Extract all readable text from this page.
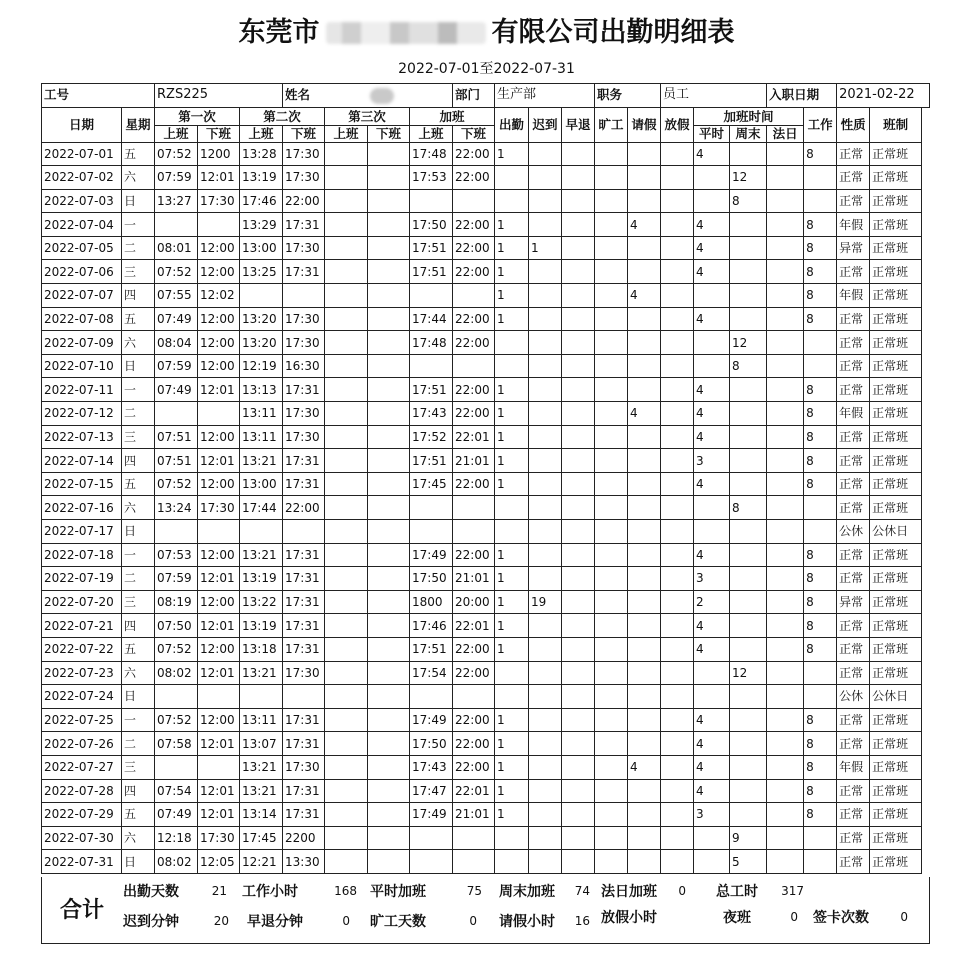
东莞市	有限公司出勤明细表
2022-07-01至2022-07-31
工号		RZS225			姓名				部门	生产部			职务		员工			入职日期		2021-02-22	
日期	星期	第一次		第二次		第三次		加班		出勤	迟到	早退	旷工	请假	放假	加班时间			工作	性质	班制
		上班	下班	上班	下班	上班	下班	上班	下班							平时	周末	法日			
2022-07-01	五	07:52	1200	13:28	17:30			17:48	22:00	1						4			8	正常	正常班
2022-07-02	六	07:59	12:01	13:19	17:30			17:53	22:00								12			正常	正常班
2022-07-03	日	13:27	17:30	17:46	22:00												8			正常	正常班
2022-07-04	一			13:29	17:31			17:50	22:00	1				4		4			8	年假	正常班
2022-07-05	二	08:01	12:00	13:00	17:30			17:51	22:00	1	1					4			8	异常	正常班
2022-07-06	三	07:52	12:00	13:25	17:31			17:51	22:00	1						4			8	正常	正常班
2022-07-07	四	07:55	12:02							1				4					8	年假	正常班
2022-07-08	五	07:49	12:00	13:20	17:30			17:44	22:00	1						4			8	正常	正常班
2022-07-09	六	08:04	12:00	13:20	17:30			17:48	22:00								12			正常	正常班
2022-07-10	日	07:59	12:00	12:19	16:30												8			正常	正常班
2022-07-11	一	07:49	12:01	13:13	17:31			17:51	22:00	1						4			8	正常	正常班
2022-07-12	二			13:11	17:30			17:43	22:00	1				4		4			8	年假	正常班
2022-07-13	三	07:51	12:00	13:11	17:30			17:52	22:01	1						4			8	正常	正常班
2022-07-14	四	07:51	12:01	13:21	17:31			17:51	21:01	1						3			8	正常	正常班
2022-07-15	五	07:52	12:00	13:00	17:31			17:45	22:00	1						4			8	正常	正常班
2022-07-16	六	13:24	17:30	17:44	22:00												8			正常	正常班
2022-07-17	日																			公休	公休日
2022-07-18	一	07:53	12:00	13:21	17:31			17:49	22:00	1						4			8	正常	正常班
2022-07-19	二	07:59	12:01	13:19	17:31			17:50	21:01	1						3			8	正常	正常班
2022-07-20	三	08:19	12:00	13:22	17:31			1800	20:00	1	19					2			8	异常	正常班
2022-07-21	四	07:50	12:01	13:19	17:31			17:46	22:01	1						4			8	正常	正常班
2022-07-22	五	07:52	12:00	13:18	17:31			17:51	22:00	1						4			8	正常	正常班
2022-07-23	六	08:02	12:01	13:21	17:30			17:54	22:00								12			正常	正常班
2022-07-24	日																			公休	公休日
2022-07-25	一	07:52	12:00	13:11	17:31			17:49	22:00	1						4			8	正常	正常班
2022-07-26	二	07:58	12:01	13:07	17:31			17:50	22:00	1						4			8	正常	正常班
2022-07-27	三			13:21	17:30			17:43	22:00	1				4		4			8	年假	正常班
2022-07-28	四	07:54	12:01	13:21	17:31			17:47	22:01	1						4			8	正常	正常班
2022-07-29	五	07:49	12:01	13:14	17:31			17:49	21:01	1						3			8	正常	正常班
2022-07-30	六	12:18	17:30	17:45	2200												9			正常	正常班
2022-07-31	日	08:02	12:05	12:21	13:30												5			正常	正常班
合计
出勤天数	21 工作小时	168 平时加班	75 周末加班	74 法日加班	0 总工时	317
迟到分钟	20 早退分钟	0 旷工天数	0 请假小时	16 放假小时	夜班	0 签卡次数	0
